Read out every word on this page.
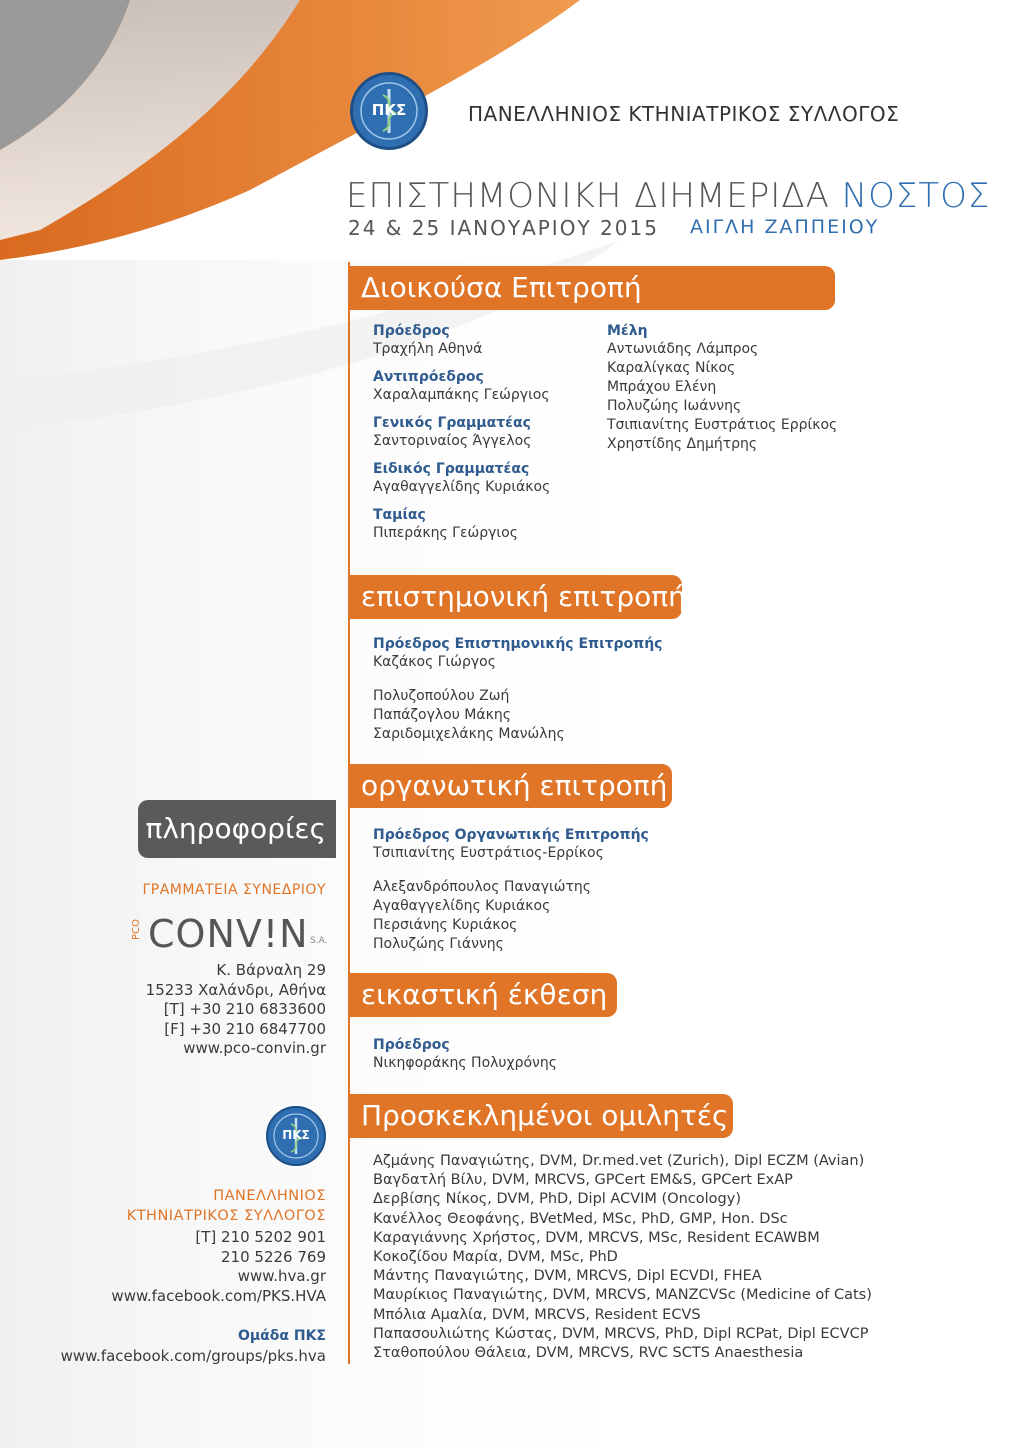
ΠΚΣ	ΠΑΝΕΛΛΗΝΙΟΣ ΚΤΗΝΙΑΤΡΙΚΟΣ ΣΥΛΛΟΓΟΣ
ΕΠΙΣΤΗΜΟΝΙΚΗ ΔΙΗΜΕΡΙΔΑ ΝΟΣΤΟΣ
24 & 25 ΙΑΝΟΥΑΡΙΟΥ 2015 ΑΙΓΛΗ ΖΑΠΠΕΙΟΥ
Διοικούσα Επιτροπή
Πρόεδρος
Τραχήλη Αθηνά
Αντιπρόεδρος
Χαραλαμπάκης Γεώργιος
Γενικός Γραμματέας
Σαντοριναίος Άγγελος
Ειδικός Γραμματέας
Αγαθαγγελίδης Κυριάκος
Ταμίας
Πιπεράκης Γεώργιος
Μέλη
Αντωνιάδης Λάμπρος
Καραλίγκας Νίκος
Μπράχου Ελένη
Πολυζώης Ιωάννης
Τσιπιανίτης Ευστράτιος Ερρίκος
Χρηστίδης Δημήτρης
επιστημονική επιτροπή
Πρόεδρος Επιστημονικής Επιτροπής
Καζάκος Γιώργος
Πολυζοπούλου Ζωή
Παπάζογλου Μάκης
Σαριδομιχελάκης Μανώλης
οργανωτική επιτροπή
Πρόεδρος Οργανωτικής Επιτροπής
Τσιπιανίτης Ευστράτιος-Ερρίκος
Αλεξανδρόπουλος Παναγιώτης
Αγαθαγγελίδης Κυριάκος
Περσιάνης Κυριάκος
Πολυζώης Γιάννης
εικαστική έκθεση
Πρόεδρος
Νικηφοράκης Πολυχρόνης
Προσκεκλημένοι ομιλητές
Αζμάνης Παναγιώτης, DVM, Dr.med.vet (Zurich), Dipl ECZM (Avian)
Βαγδατλή Βίλυ, DVM, MRCVS, GPCert EM&S, GPCert ExAP
Δερβίσης Νίκος, DVM, PhD, Dipl ACVIM (Oncology)
Κανέλλος Θεοφάνης, BVetMed, MSc, PhD, GMP, Hon. DSc
Καραγιάννης Χρήστος, DVM, MRCVS, MSc, Resident ECAWBM
Κοκοζίδου Μαρία, DVM, MSc, PhD
Μάντης Παναγιώτης, DVM, MRCVS, Dipl ECVDI, FHEA
Μαυρίκιος Παναγιώτης, DVM, MRCVS, MANZCVSc (Medicine of Cats)
Μπόλια Αμαλία, DVM, MRCVS, Resident ECVS
Παπασουλιώτης Κώστας, DVM, MRCVS, PhD, Dipl RCPat, Dipl ECVCP
Σταθοπούλου Θάλεια, DVM, MRCVS, RVC SCTS Anaesthesia
πληροφορίες
ΓΡΑΜΜΑΤΕΙΑ ΣΥΝΕΔΡΙΟΥ
PCO CONV!N S.A.
Κ. Βάρναλη 29
15233 Χαλάνδρι, Αθήνα
[T] +30 210 6833600
[F] +30 210 6847700
www.pco-convin.gr
ΠΚΣ
ΠΑΝΕΛΛΗΝΙΟΣ
ΚΤΗΝΙΑΤΡΙΚΟΣ ΣΥΛΛΟΓΟΣ
[T] 210 5202 901
210 5226 769
www.hva.gr
www.facebook.com/PKS.HVA
Ομάδα ΠΚΣ
www.facebook.com/groups/pks.hva
